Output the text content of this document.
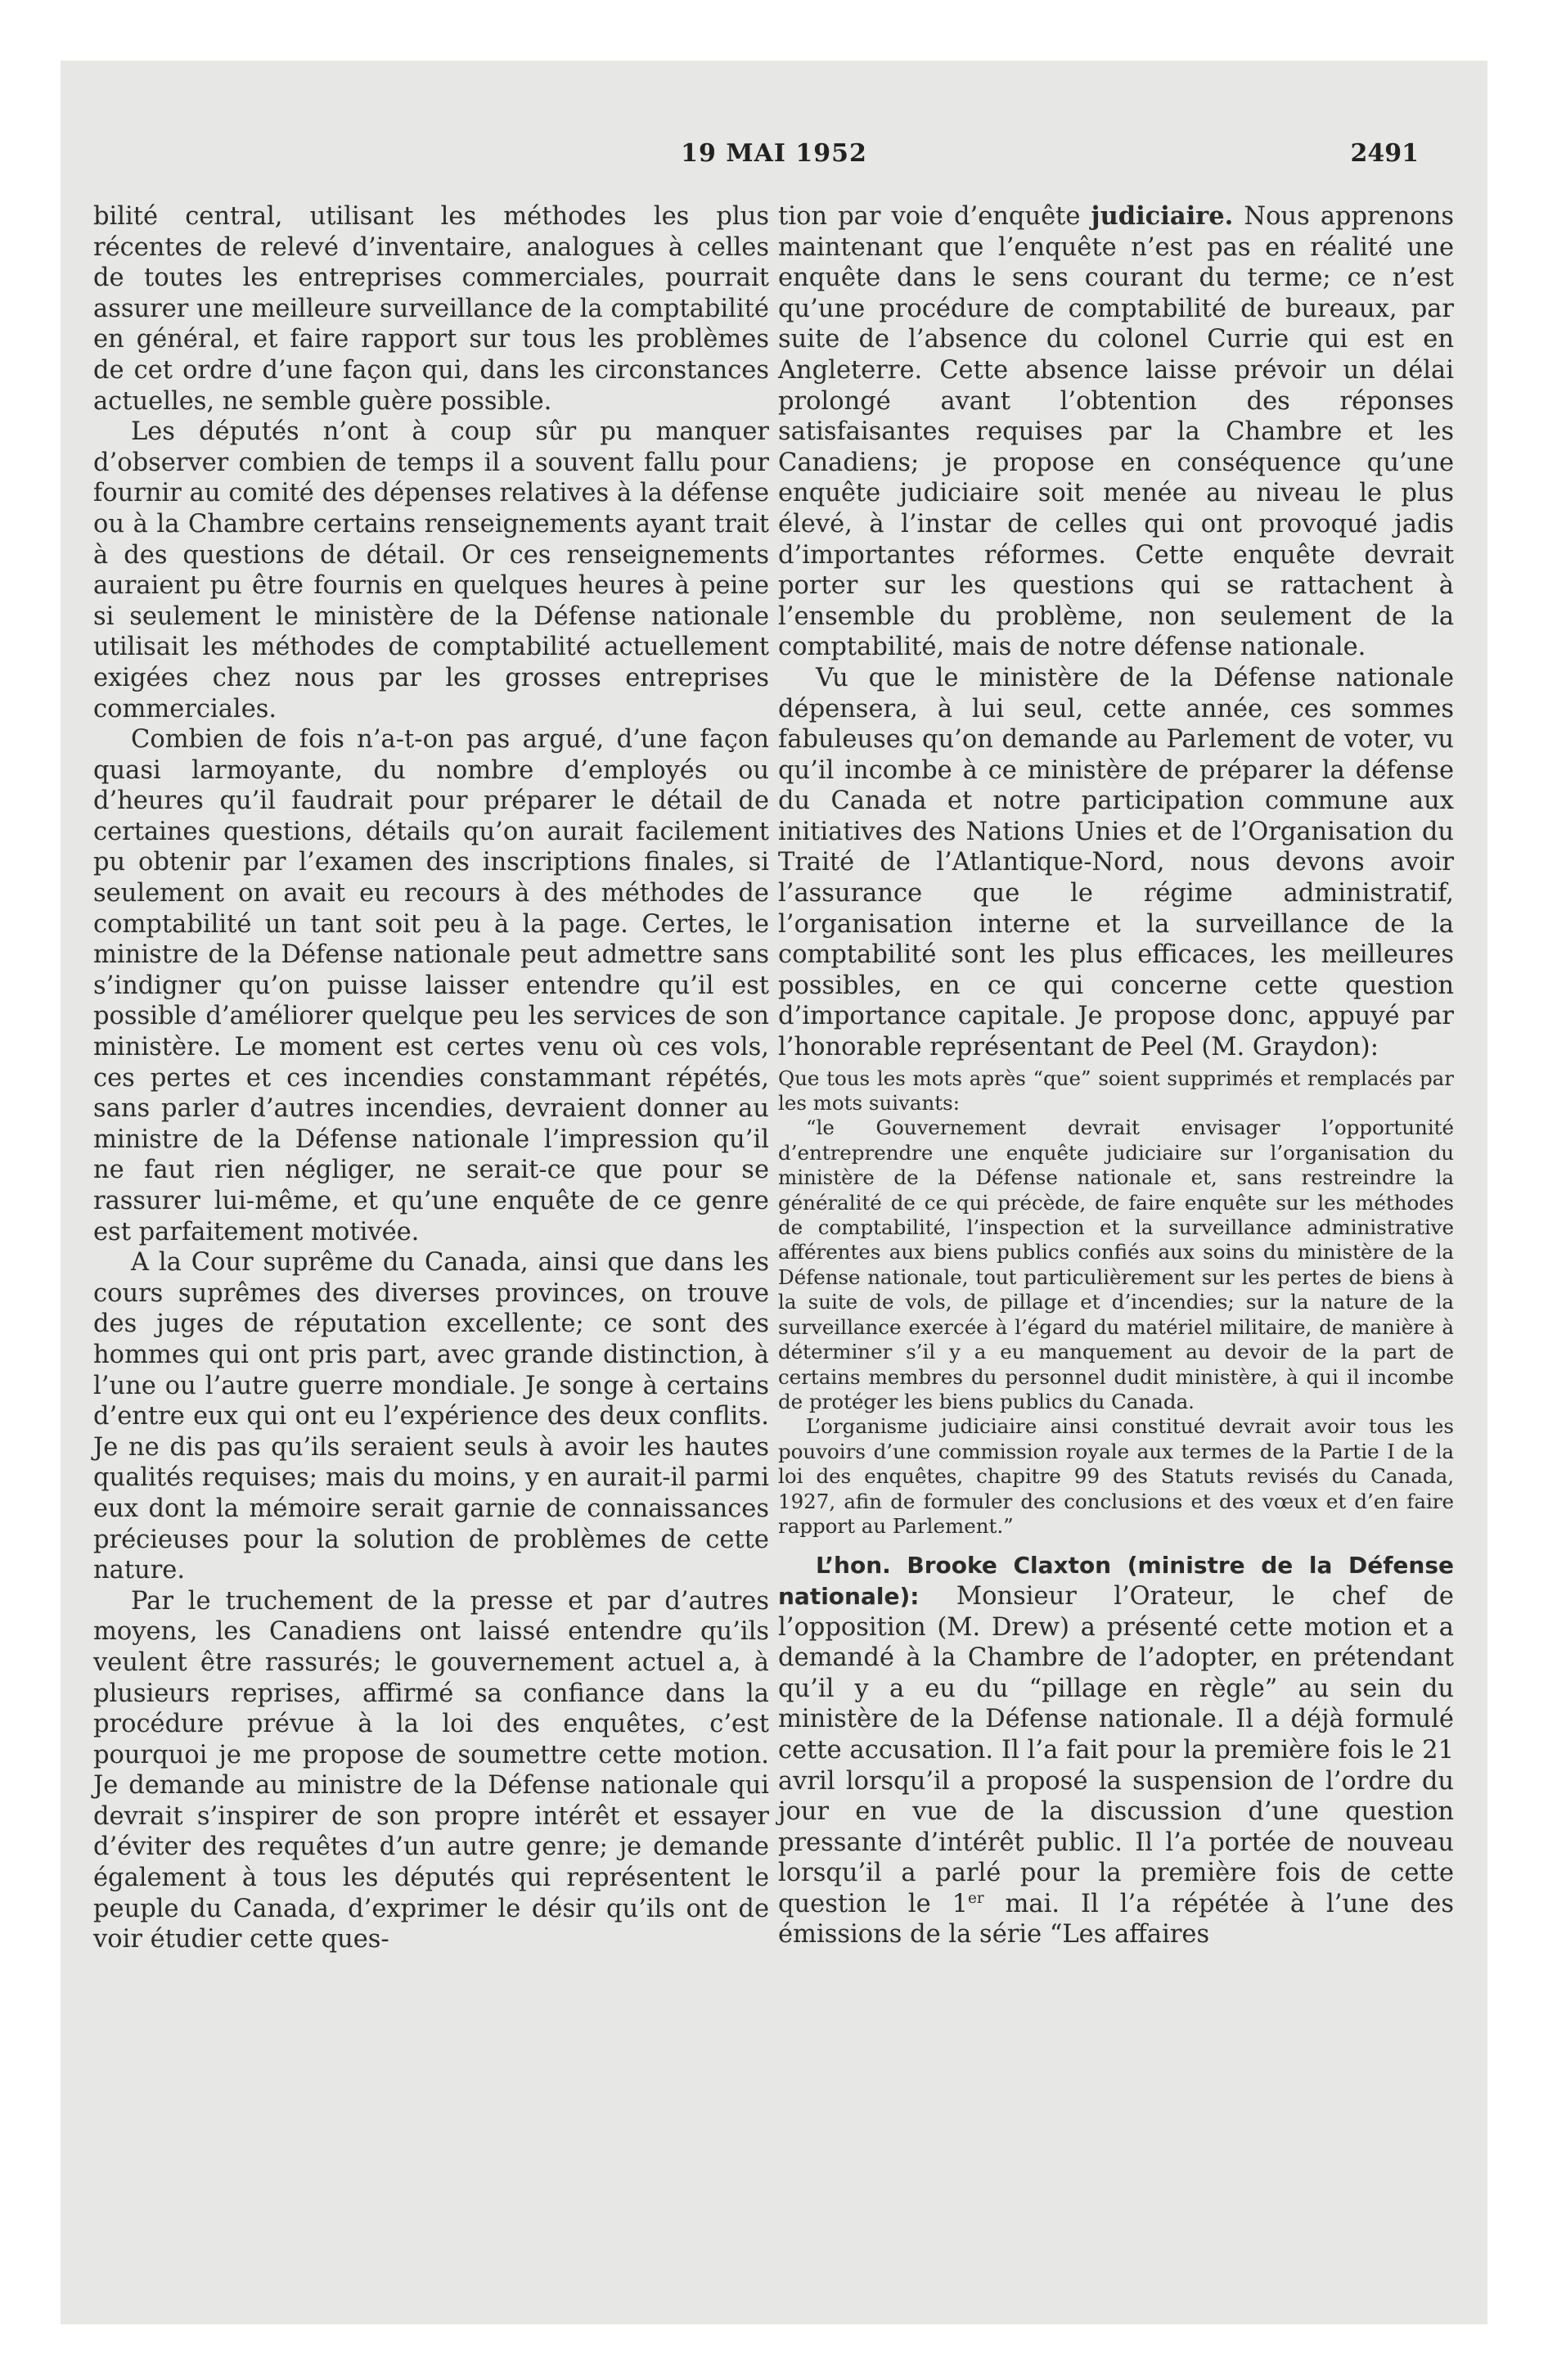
19 MAI 1952	2491

bilité central, utilisant les méthodes les plus récentes de relevé d’inventaire, analogues à celles de toutes les entreprises commerciales, pourrait assurer une meilleure surveillance de la comptabilité en général, et faire rapport sur tous les problèmes de cet ordre d’une façon qui, dans les circonstances actuelles, ne semble guère possible.

Les députés n’ont à coup sûr pu manquer d’observer combien de temps il a souvent fallu pour fournir au comité des dépenses relatives à la défense ou à la Chambre certains renseignements ayant trait à des questions de détail. Or ces renseignements auraient pu être fournis en quelques heures à peine si seulement le ministère de la Défense nationale utilisait les méthodes de comptabilité actuellement exigées chez nous par les grosses entreprises commerciales.

Combien de fois n’a-t-on pas argué, d’une façon quasi larmoyante, du nombre d’employés ou d’heures qu’il faudrait pour préparer le détail de certaines questions, détails qu’on aurait facilement pu obtenir par l’examen des inscriptions finales, si seulement on avait eu recours à des méthodes de comptabilité un tant soit peu à la page. Certes, le ministre de la Défense nationale peut admettre sans s’indigner qu’on puisse laisser entendre qu’il est possible d’améliorer quelque peu les services de son ministère. Le moment est certes venu où ces vols, ces pertes et ces incendies constammant répétés, sans parler d’autres incendies, devraient donner au ministre de la Défense nationale l’impression qu’il ne faut rien négliger, ne serait-ce que pour se rassurer lui-même, et qu’une enquête de ce genre est parfaitement motivée.

A la Cour suprême du Canada, ainsi que dans les cours suprêmes des diverses provinces, on trouve des juges de réputation excellente; ce sont des hommes qui ont pris part, avec grande distinction, à l’une ou l’autre guerre mondiale. Je songe à certains d’entre eux qui ont eu l’expérience des deux conflits. Je ne dis pas qu’ils seraient seuls à avoir les hautes qualités requises; mais du moins, y en aurait-il parmi eux dont la mémoire serait garnie de connaissances précieuses pour la solution de problèmes de cette nature.

Par le truchement de la presse et par d’autres moyens, les Canadiens ont laissé entendre qu’ils veulent être rassurés; le gouvernement actuel a, à plusieurs reprises, affirmé sa confiance dans la procédure prévue à la loi des enquêtes, c’est pourquoi je me propose de soumettre cette motion. Je demande au ministre de la Défense nationale qui devrait s’inspirer de son propre intérêt et essayer d’éviter des requêtes d’un autre genre; je demande également à tous les députés qui représentent le peuple du Canada, d’exprimer le désir qu’ils ont de voir étudier cette ques-

tion par voie d’enquête judiciaire. Nous apprenons maintenant que l’enquête n’est pas en réalité une enquête dans le sens courant du terme; ce n’est qu’une procédure de comptabilité de bureaux, par suite de l’absence du colonel Currie qui est en Angleterre. Cette absence laisse prévoir un délai prolongé avant l’obtention des réponses satisfaisantes requises par la Chambre et les Canadiens; je propose en conséquence qu’une enquête judiciaire soit menée au niveau le plus élevé, à l’instar de celles qui ont provoqué jadis d’importantes réformes. Cette enquête devrait porter sur les questions qui se rattachent à l’ensemble du problème, non seulement de la comptabilité, mais de notre défense nationale.

Vu que le ministère de la Défense nationale dépensera, à lui seul, cette année, ces sommes fabuleuses qu’on demande au Parlement de voter, vu qu’il incombe à ce ministère de préparer la défense du Canada et notre participation commune aux initiatives des Nations Unies et de l’Organisation du Traité de l’Atlantique-Nord, nous devons avoir l’assurance que le régime administratif, l’organisation interne et la surveillance de la comptabilité sont les plus efficaces, les meilleures possibles, en ce qui concerne cette question d’importance capitale. Je propose donc, appuyé par l’honorable représentant de Peel (M. Graydon):

Que tous les mots après “que” soient supprimés et remplacés par les mots suivants:

“le Gouvernement devrait envisager l’opportunité d’entreprendre une enquête judiciaire sur l’organisation du ministère de la Défense nationale et, sans restreindre la généralité de ce qui précède, de faire enquête sur les méthodes de comptabilité, l’inspection et la surveillance administrative afférentes aux biens publics confiés aux soins du ministère de la Défense nationale, tout particulièrement sur les pertes de biens à la suite de vols, de pillage et d’incendies; sur la nature de la surveillance exercée à l’égard du matériel militaire, de manière à déterminer s’il y a eu manquement au devoir de la part de certains membres du personnel dudit ministère, à qui il incombe de protéger les biens publics du Canada.

L’organisme judiciaire ainsi constitué devrait avoir tous les pouvoirs d’une commission royale aux termes de la Partie I de la loi des enquêtes, chapitre 99 des Statuts revisés du Canada, 1927, afin de formuler des conclusions et des vœux et d’en faire rapport au Parlement.”

L’hon. Brooke Claxton (ministre de la Défense nationale): Monsieur l’Orateur, le chef de l’opposition (M. Drew) a présenté cette motion et a demandé à la Chambre de l’adopter, en prétendant qu’il y a eu du “pillage en règle” au sein du ministère de la Défense nationale. Il a déjà formulé cette accusation. Il l’a fait pour la première fois le 21 avril lorsqu’il a proposé la suspension de l’ordre du jour en vue de la discussion d’une question pressante d’intérêt public. Il l’a portée de nouveau lorsqu’il a parlé pour la première fois de cette question le 1er mai. Il l’a répétée à l’une des émissions de la série “Les affaires
